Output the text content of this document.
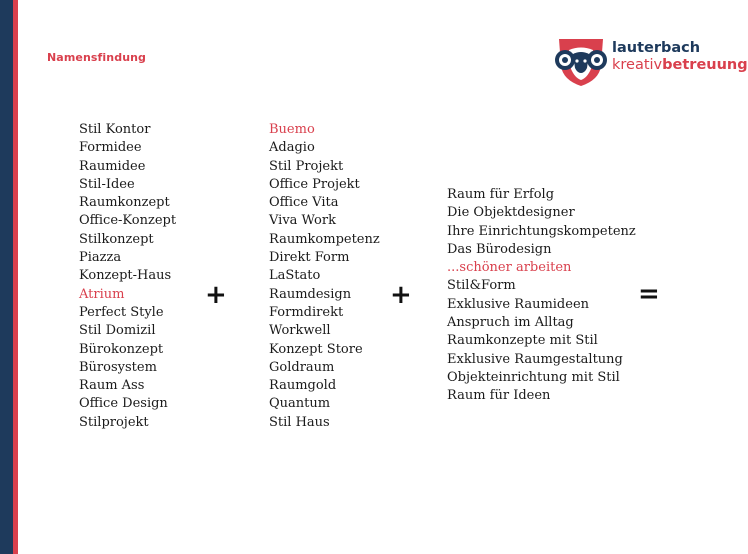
Namensfindung
lauterbach
kreativbetreuung
Stil Kontor
Formidee
Raumidee
Stil-Idee
Raumkonzept
Office-Konzept
Stilkonzept
Piazza
Konzept-Haus
Atrium
Perfect Style
Stil Domizil
Bürokonzept
Bürosystem
Raum Ass
Office Design
Stilprojekt
Buemo
Adagio
Stil Projekt
Office Projekt
Office Vita
Viva Work
Raumkompetenz
Direkt Form
LaStato
Raumdesign
Formdirekt
Workwell
Konzept Store
Goldraum
Raumgold
Quantum
Stil Haus
Raum für Erfolg
Die Objektdesigner
Ihre Einrichtungskompetenz
Das Bürodesign
...schöner arbeiten
Stil&Form
Exklusive Raumideen
Anspruch im Alltag
Raumkonzepte mit Stil
Exklusive Raumgestaltung
Objekteinrichtung mit Stil
Raum für Ideen
+	+	=
